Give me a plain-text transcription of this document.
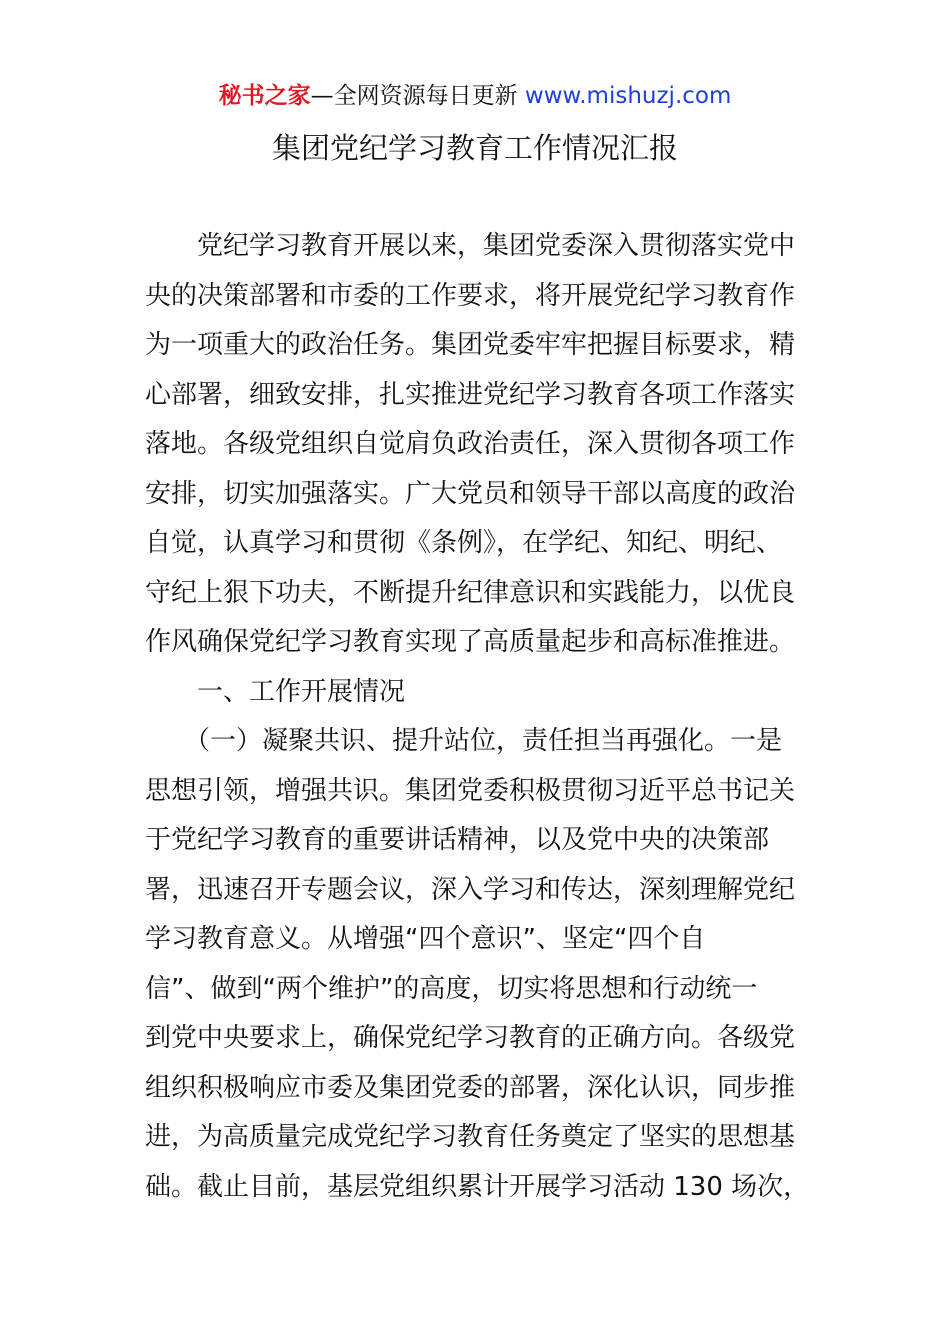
秘书之家—全网资源每日更新 www.mishuzj.com
集团党纪学习教育工作情况汇报
　　党纪学习教育开展以来，集团党委深入贯彻落实党中
央的决策部署和市委的工作要求，将开展党纪学习教育作
为一项重大的政治任务。集团党委牢牢把握目标要求，精
心部署，细致安排，扎实推进党纪学习教育各项工作落实
落地。各级党组织自觉肩负政治责任，深入贯彻各项工作
安排，切实加强落实。广大党员和领导干部以高度的政治
自觉，认真学习和贯彻《条例》，在学纪、知纪、明纪、
守纪上狠下功夫，不断提升纪律意识和实践能力，以优良
作风确保党纪学习教育实现了高质量起步和高标准推进。
　　一、工作开展情况
　　（一）凝聚共识、提升站位，责任担当再强化。一是
思想引领，增强共识。集团党委积极贯彻习近平总书记关
于党纪学习教育的重要讲话精神，以及党中央的决策部
署，迅速召开专题会议，深入学习和传达，深刻理解党纪
学习教育意义。从增强“四个意识”、坚定“四个自
信”、做到“两个维护”的高度，切实将思想和行动统一
到党中央要求上，确保党纪学习教育的正确方向。各级党
组织积极响应市委及集团党委的部署，深化认识，同步推
进，为高质量完成党纪学习教育任务奠定了坚实的思想基
础。截止目前，基层党组织累计开展学习活动 130 场次，
